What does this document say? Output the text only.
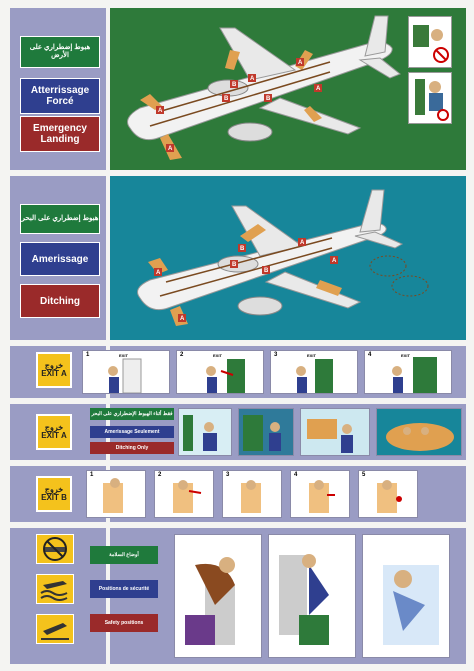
هبوط إضطراري على الأرض
Atterrissage Forcé
Emergency Landing
A
A
B
B
A
B
A
A
هبوط إضطراري على البحر
Amerissage
Ditching
A
A
B
B
B
A
A
خروج
EXIT A
1	EXIT	2	EXIT	3	EXIT	4	EXIT
خروج
EXIT A
فقط أثناء الهبوط الإضطراري على البحر
Amerissage Seulement
Ditching Only
خروج
EXIT B
1	2	3	4	5
أوضاع السلامة
Positions de sécurité
Safety positions
